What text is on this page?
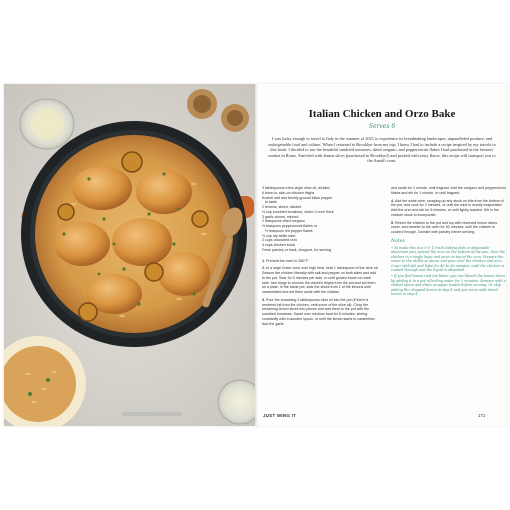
Italian Chicken and Orzo Bake
Serves 6

I was lucky enough to travel to Italy in the summer of 2021 to experience its breathtaking landscapes, unparalleled produce, and unforgettable food and culture. When I returned to Brooklyn from my trip, I knew I had to include a recipe inspired by my travels in this book. I decided to use the beautiful sundried tomatoes, dried oregano, and pepperoncini flakes I had purchased in the farmers' market in Rome. Enriched with lemon slices (purchased in Brooklyn!) and packed with zesty flavor, this recipe will transport you to the Amalfi coast.

3 tablespoons extra-virgin olive oil, divided
6 bone-in, skin-on chicken thighs
Kosher salt and freshly ground black pepper
to taste
2 lemons, sliced, divided
½ cup sundried tomatoes, sliced ¼ inch thick
3 garlic cloves, minced
2 teaspoons dried oregano
½ teaspoon pepperoncini flakes or
½ teaspoon red pepper flakes
½ cup dry white wine
2 cups uncooked orzo
4 cups chicken stock
Fresh parsley or basil, chopped, for serving
1. Preheat the oven to 350°F.
2. In a large Dutch oven over high heat, heat 1 tablespoon of the olive oil. Season the chicken liberally with salt and pepper on both sides and add to the pot. Sear for 5 minutes per side, or until golden brown on each side. Use tongs to remove the chicken thighs from the pot and set them on a plate. In the same pot, sear the slices from 1 of the lemons until caramelized and set them aside with the chicken.
3. Pour the remaining 2 tablespoons olive oil into the pot (if there is rendered fat from the chicken, omit some of the olive oil). Chop the remaining lemon slices into pieces and add them to the pot with the sundried tomatoes. Sauté over medium heat for 5 minutes, stirring constantly with a wooden spoon, or until the lemon starts to caramelize. Add the garlic
and sauté for 1 minute, until fragrant. Add the oregano and pepperoncini flakes and stir for 1 minute, or until fragrant.
4. Add the white wine, scraping up any stuck-on bits from the bottom of the pot, and cook for 2 minutes, or until the wine is mostly evaporated. Add the orzo and stir for 5 minutes, or until lightly toasted. Stir in the chicken stock to incorporate.
5. Return the chicken to the pot and top with reserved lemon slices, cover, and transfer to the oven for 50 minutes, until the chicken is cooked through. Garnish with parsley before serving.
Notes
•To make this in a 9 × 13-inch baking dish or disposable aluminum pan, spread the orzo on the bottom of the pan, then the chicken in a single layer and pour on top of the orzo. Prepare the sauce in the skillet as above and pour over the chicken and orzo. Cover with foil and bake for 40 to 50 minutes, until the chicken is cooked through and the liquid is absorbed.
•If you find lemon rind too bitter, you can blanch the lemon slices by adding it to a pot of boiling water for 2 minutes. Remove with a slotted spoon and drain on paper towels before serving. Or skip adding the chopped lemon in step 4 and just serve with sliced lemon in step 4.
JUST WING IT	171
